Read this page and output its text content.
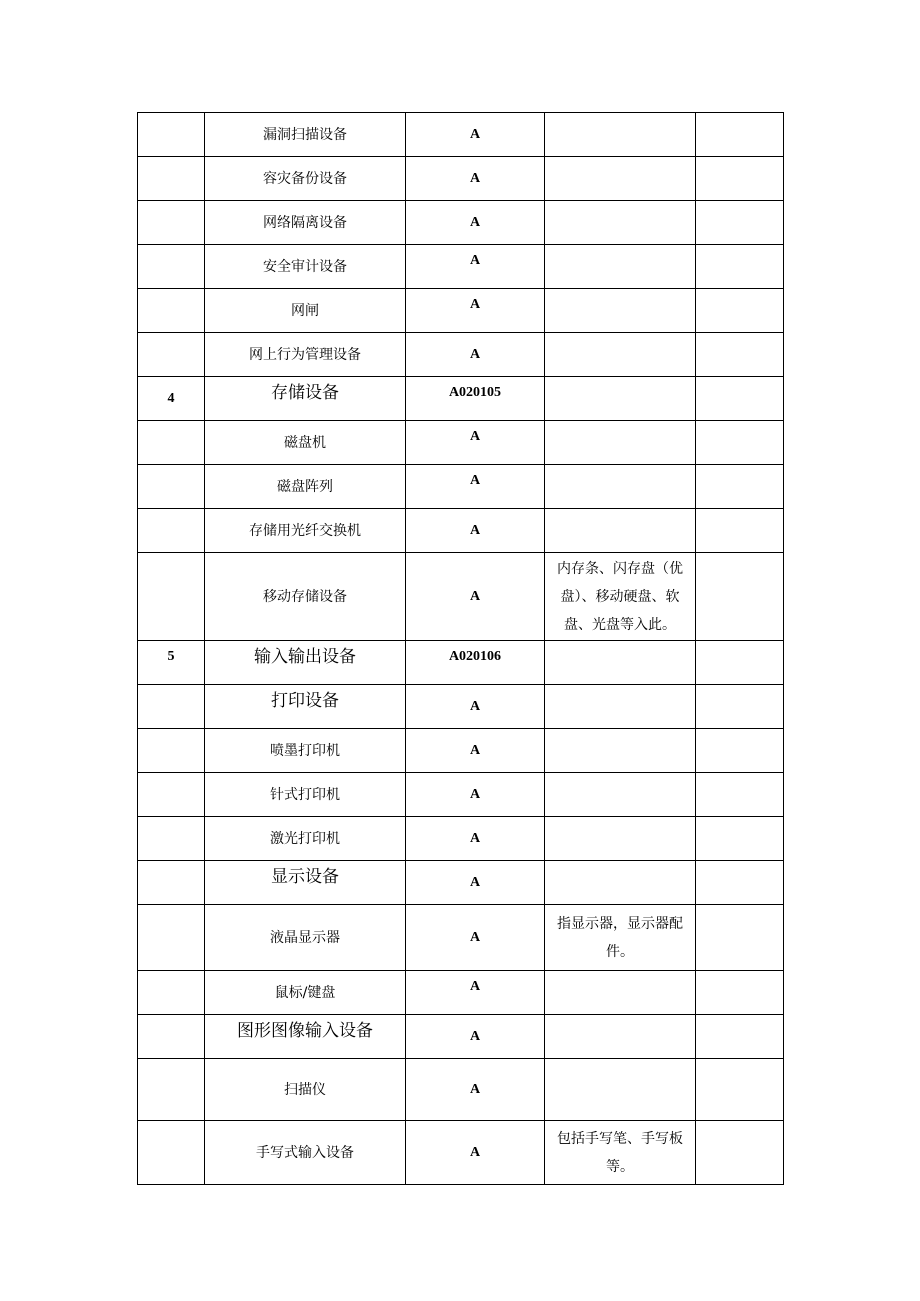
	漏洞扫描设备	A		
	容灾备份设备	A		
	网络隔离设备	A		
	安全审计设备	A		
	网闸	A		
	网上行为管理设备	A		
4	存储设备	A020105		
	磁盘机	A		
	磁盘阵列	A		
	存储用光纤交换机	A		
	移动存储设备	A	内存条、闪存盘（优盘）、移动硬盘、软盘、光盘等入此。	
5	输入输出设备	A020106		
	打印设备	A		
	喷墨打印机	A		
	针式打印机	A		
	激光打印机	A		
	显示设备	A		
	液晶显示器	A	指显示器，显示器配件。	
	鼠标/键盘	A		
	图形图像输入设备	A		
	扫描仪	A		
	手写式输入设备	A	包括手写笔、手写板等。	
